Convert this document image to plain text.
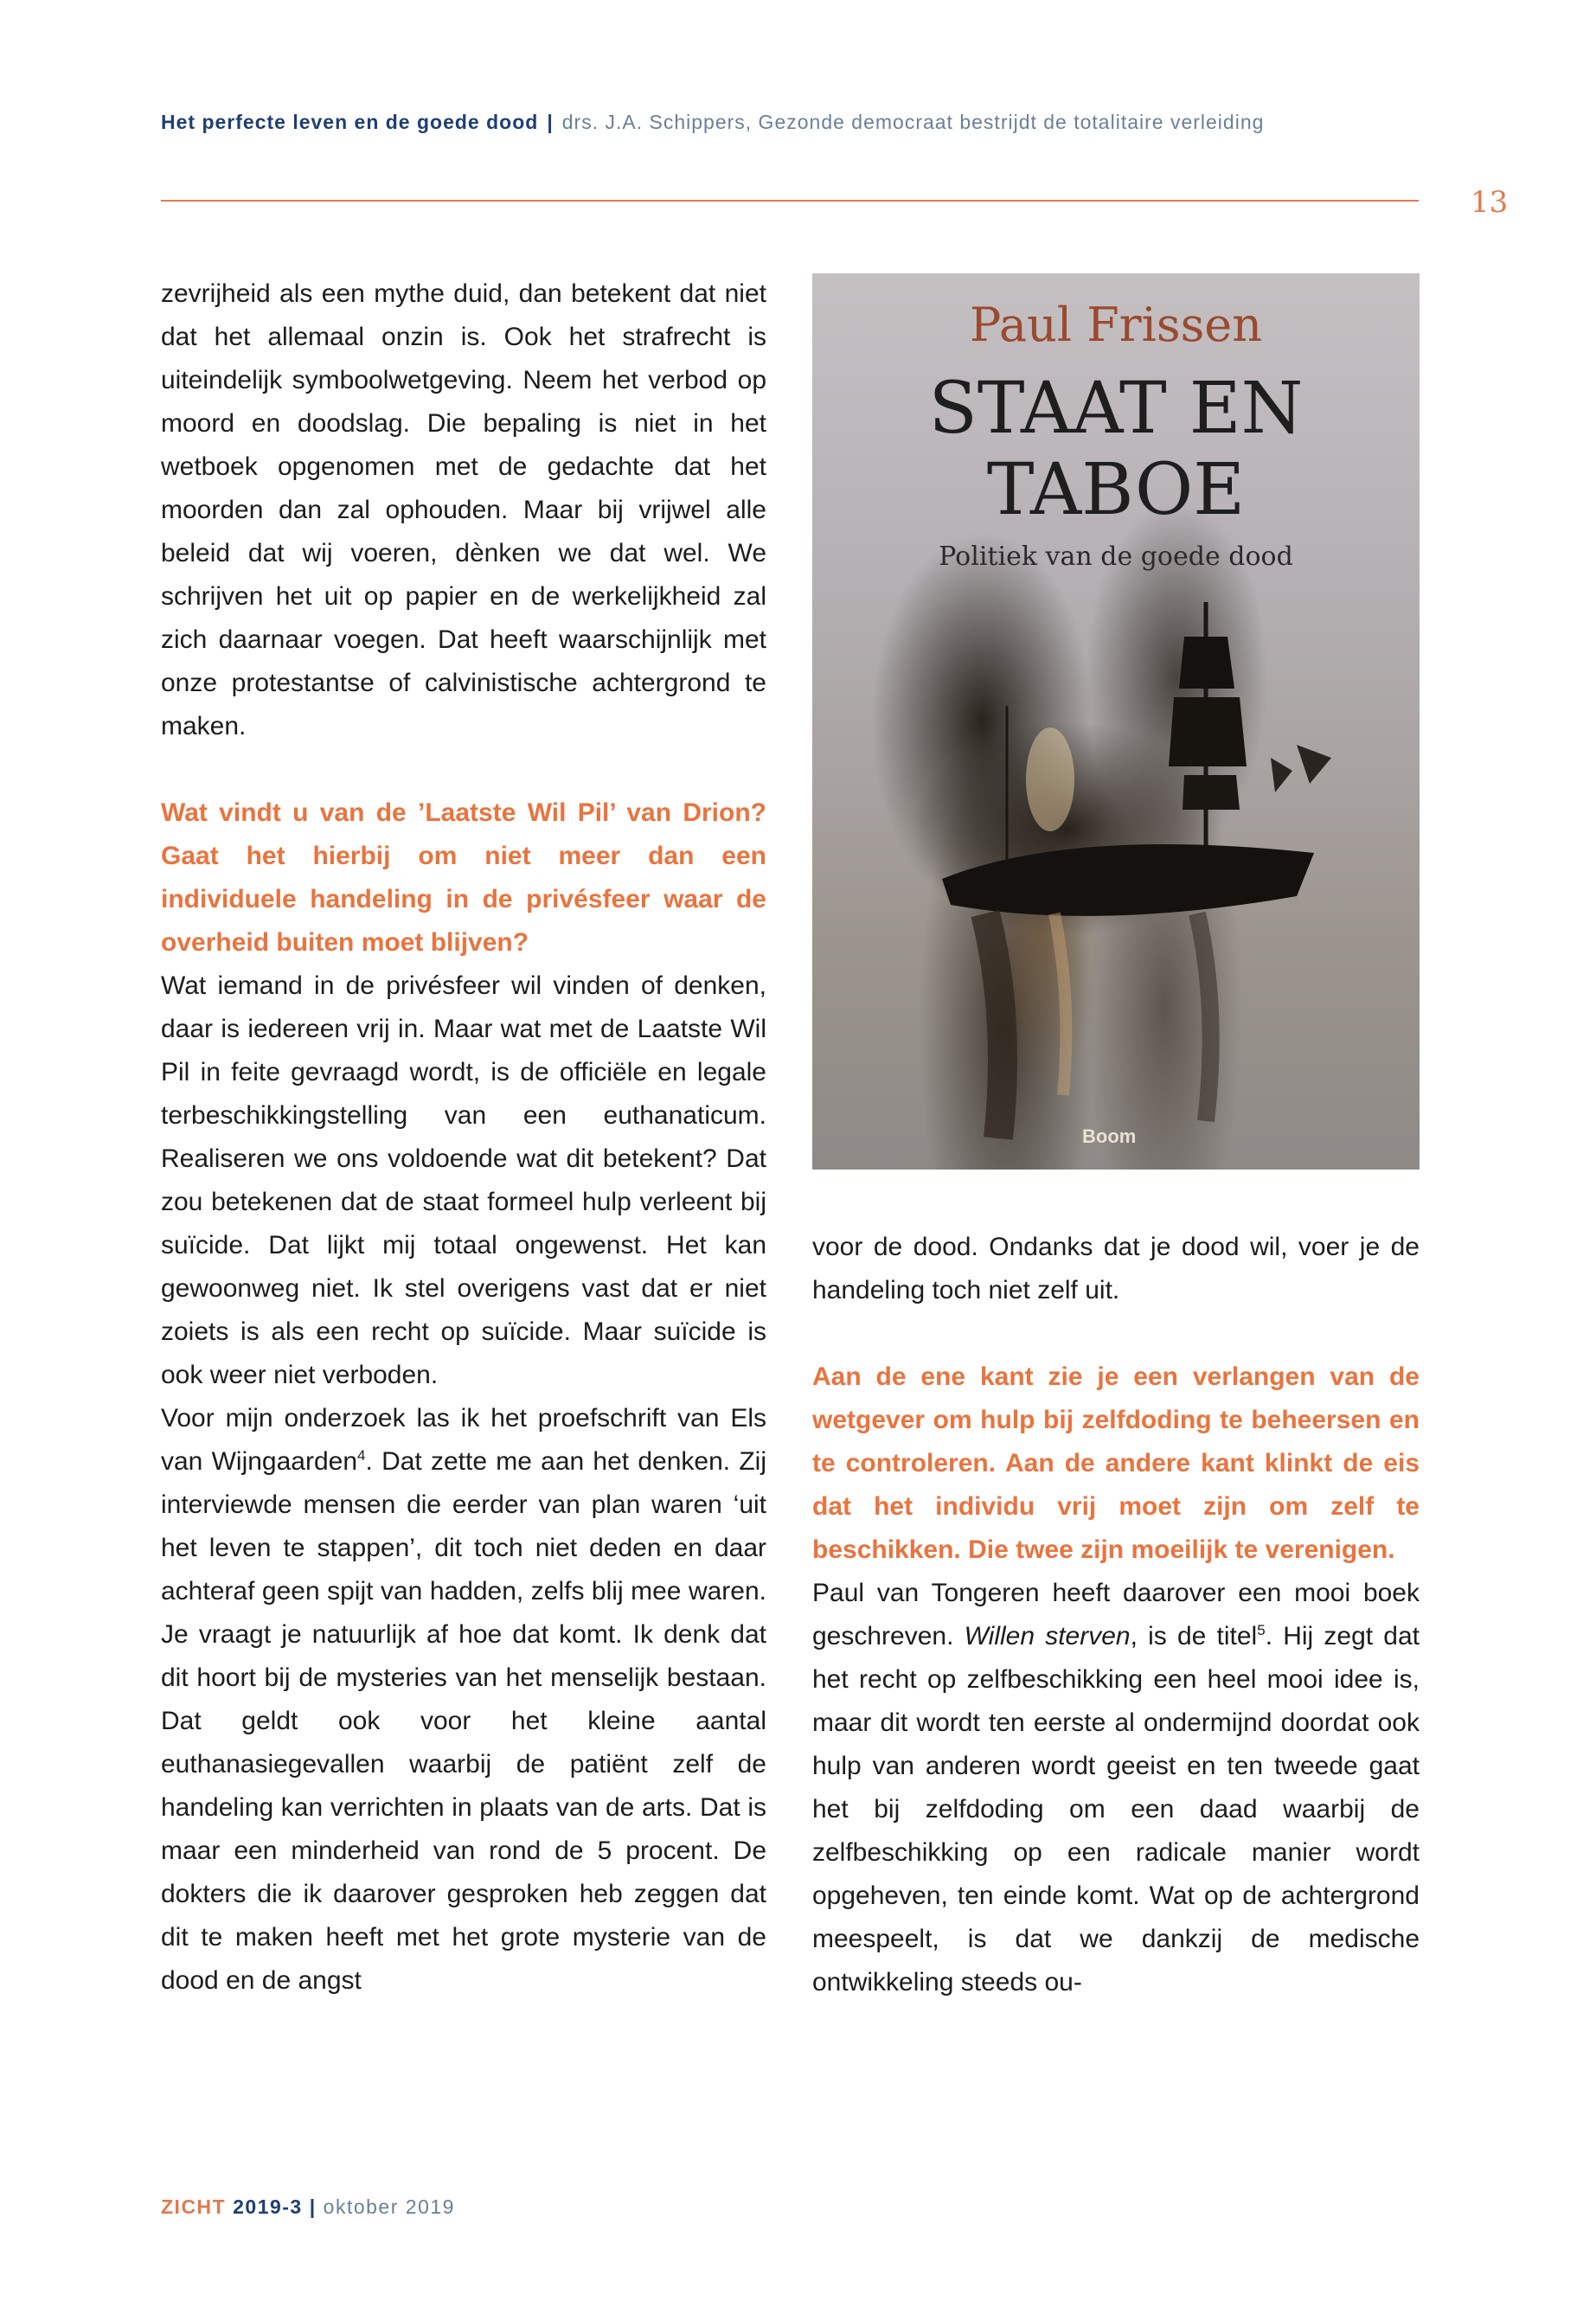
Het perfecte leven en de goede dood | drs. J.A. Schippers, Gezonde democraat bestrijdt de totalitaire verleiding
13

zevrijheid als een mythe duid, dan betekent dat niet dat het allemaal onzin is. Ook het strafrecht is uiteindelijk symboolwetgeving. Neem het verbod op moord en doodslag. Die bepaling is niet in het wetboek opgenomen met de gedachte dat het moorden dan zal ophouden. Maar bij vrijwel alle beleid dat wij voeren, dènken we dat wel. We schrijven het uit op papier en de werkelijkheid zal zich daarnaar voegen. Dat heeft waarschijnlijk met onze protestantse of calvinistische achtergrond te maken.

Wat vindt u van de ’Laatste Wil Pil’ van Drion? Gaat het hierbij om niet meer dan een individuele handeling in de privésfeer waar de overheid buiten moet blijven?

Wat iemand in de privésfeer wil vinden of denken, daar is iedereen vrij in. Maar wat met de Laatste Wil Pil in feite gevraagd wordt, is de officiële en legale terbeschikkingstelling van een euthanaticum. Realiseren we ons voldoende wat dit betekent? Dat zou betekenen dat de staat formeel hulp verleent bij suïcide. Dat lijkt mij totaal ongewenst. Het kan gewoonweg niet. Ik stel overigens vast dat er niet zoiets is als een recht op suïcide. Maar suïcide is ook weer niet verboden.

Voor mijn onderzoek las ik het proefschrift van Els van Wijngaarden$^4$. Dat zette me aan het denken. Zij interviewde mensen die eerder van plan waren ‘uit het leven te stappen’, dit toch niet deden en daar achteraf geen spijt van hadden, zelfs blij mee waren. Je vraagt je natuurlijk af hoe dat komt. Ik denk dat dit hoort bij de mysteries van het menselijk bestaan. Dat geldt ook voor het kleine aantal euthanasiegevallen waarbij de patiënt zelf de handeling kan verrichten in plaats van de arts. Dat is maar een minderheid van rond de 5 procent. De dokters die ik daarover gesproken heb zeggen dat dit te maken heeft met het grote mysterie van de dood en de angst

Paul Frissen
STAAT EN
TABOE
Politiek van de goede dood
Boom

voor de dood. Ondanks dat je dood wil, voer je de handeling toch niet zelf uit.

Aan de ene kant zie je een verlangen van de wetgever om hulp bij zelfdoding te beheersen en te controleren. Aan de andere kant klinkt de eis dat het individu vrij moet zijn om zelf te beschikken. Die twee zijn moeilijk te verenigen.

Paul van Tongeren heeft daarover een mooi boek geschreven. Willen sterven, is de titel$^5$. Hij zegt dat het recht op zelfbeschikking een heel mooi idee is, maar dit wordt ten eerste al ondermijnd doordat ook hulp van anderen wordt geeist en ten tweede gaat het bij zelfdoding om een daad waarbij de zelfbeschikking op een radicale manier wordt opgeheven, ten einde komt. Wat op de achtergrond meespeelt, is dat we dankzij de medische ontwikkeling steeds ou-

ZICHT 2019-3 | oktober 2019
